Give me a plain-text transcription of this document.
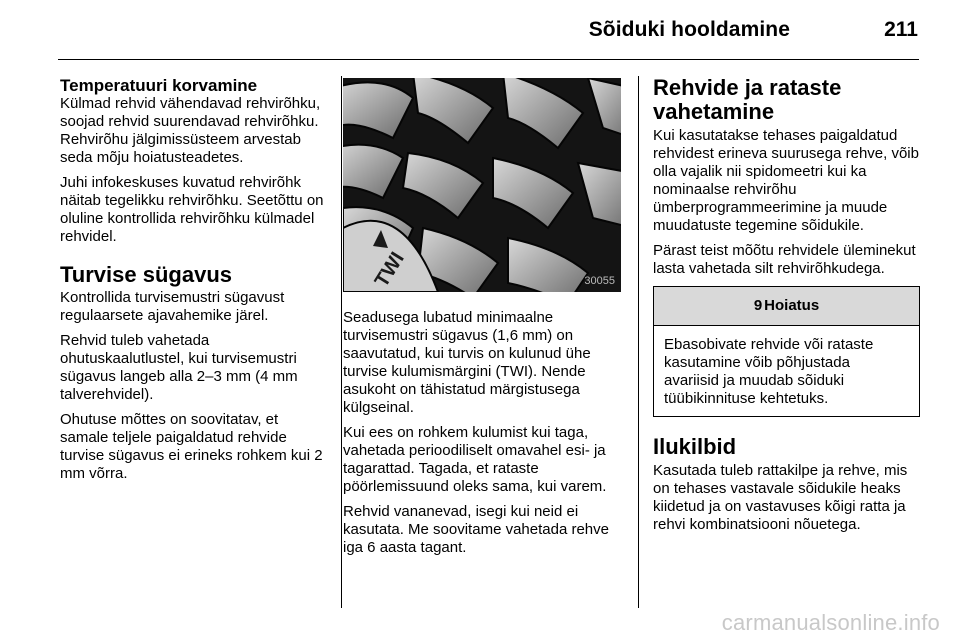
Sõiduki hooldamine	211
Temperatuuri korvamine

Külmad rehvid vähendavad rehvirõhku, soojad rehvid suurendavad rehvirõhku. Rehvirõhu jälgimissüsteem arvestab seda mõju hoiatusteadetes.

Juhi infokeskuses kuvatud rehvirõhk näitab tegelikku rehvirõhku. Seetõttu on oluline kontrollida rehvirõhku külmadel rehvidel.

Turvise sügavus

Kontrollida turvisemustri sügavust regulaarsete ajavahemike järel.

Rehvid tuleb vahetada ohutuskaalutlustel, kui turvisemustri sügavus langeb alla 2–3 mm (4 mm talverehvidel).

Ohutuse mõttes on soovitatav, et samale teljele paigaldatud rehvide turvise sügavus ei erineks rohkem kui 2 mm võrra.

TWI	30055

Seadusega lubatud minimaalne turvisemustri sügavus (1,6 mm) on saavutatud, kui turvis on kulunud ühe turvise kulumismärgini (TWI). Nende asukoht on tähistatud märgistusega külgseinal.

Kui ees on rohkem kulumist kui taga, vahetada perioodiliselt omavahel esi- ja tagarattad. Tagada, et rataste pöörlemissuund oleks sama, kui varem.

Rehvid vananevad, isegi kui neid ei kasutata. Me soovitame vahetada rehve iga 6 aasta tagant.

Rehvide ja rataste vahetamine

Kui kasutatakse tehases paigaldatud rehvidest erineva suurusega rehve, võib olla vajalik nii spidomeetri kui ka nominaalse rehvirõhu ümberprogrammeerimine ja muude muudatuste tegemine sõidukile.

Pärast teist mõõtu rehvidele üleminekut lasta vahetada silt rehvirõhkudega.

9 Hoiatus
Ebasobivate rehvide või rataste kasutamine võib põhjustada avariisid ja muudab sõiduki tüübikinnituse kehtetuks.
Ilukilbid

Kasutada tuleb rattakilpe ja rehve, mis on tehases vastavale sõidukile heaks kiidetud ja on vastavuses kõigi ratta ja rehvi kombinatsiooni nõuetega.

carmanualsonline.info
